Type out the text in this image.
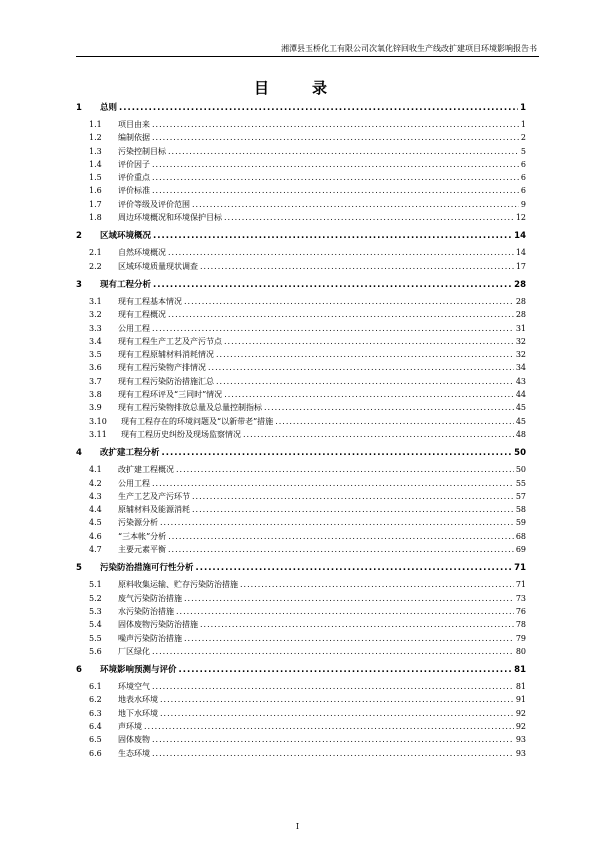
湘潭县玉桥化工有限公司次氧化锌回收生产线改扩建项目环境影响报告书
目　录
1	总则 .....	1
1.1	项目由来 .....	1
1.2	编制依据 .....	2
1.3	污染控制目标 .....	5
1.4	评价因子 .....	6
1.5	评价重点 .....	6
1.6	评价标准 .....	6
1.7	评价等级及评价范围 .....	9
1.8	周边环境概况和环境保护目标 .....	12
2	区域环境概况 .....	14
2.1	自然环境概况 .....	14
2.2	区域环境质量现状调查 .....	17
3	现有工程分析 .....	28
3.1	现有工程基本情况 .....	28
3.2	现有工程概况 .....	28
3.3	公用工程 .....	31
3.4	现有工程生产工艺及产污节点 .....	32
3.5	现有工程原辅材料消耗情况 .....	32
3.6	现有工程污染物产排情况 .....	34
3.7	现有工程污染防治措施汇总 .....	43
3.8	现有工程环评及“三同时”情况 .....	44
3.9	现有工程污染物排放总量及总量控制指标 .....	45
3.10	现有工程存在的环境问题及“以新带老”措施 .....	45
3.11	现有工程历史纠纷及现场监察情况 .....	48
4	改扩建工程分析 .....	50
4.1	改扩建工程概况 .....	50
4.2	公用工程 .....	55
4.3	生产工艺及产污环节 .....	57
4.4	原辅材料及能源消耗 .....	58
4.5	污染源分析 .....	59
4.6	“三本帐”分析 .....	68
4.7	主要元素平衡 .....	69
5	污染防治措施可行性分析 .....	71
5.1	原料收集运输、贮存污染防治措施 .....	71
5.2	废气污染防治措施 .....	73
5.3	水污染防治措施 .....	76
5.4	固体废物污染防治措施 .....	78
5.5	噪声污染防治措施 .....	79
5.6	厂区绿化 .....	80
6	环境影响预测与评价 .....	81
6.1	环境空气 .....	81
6.2	地表水环境 .....	91
6.3	地下水环境 .....	92
6.4	声环境 .....	92
6.5	固体废物 .....	93
6.6	生态环境 .....	93
I
